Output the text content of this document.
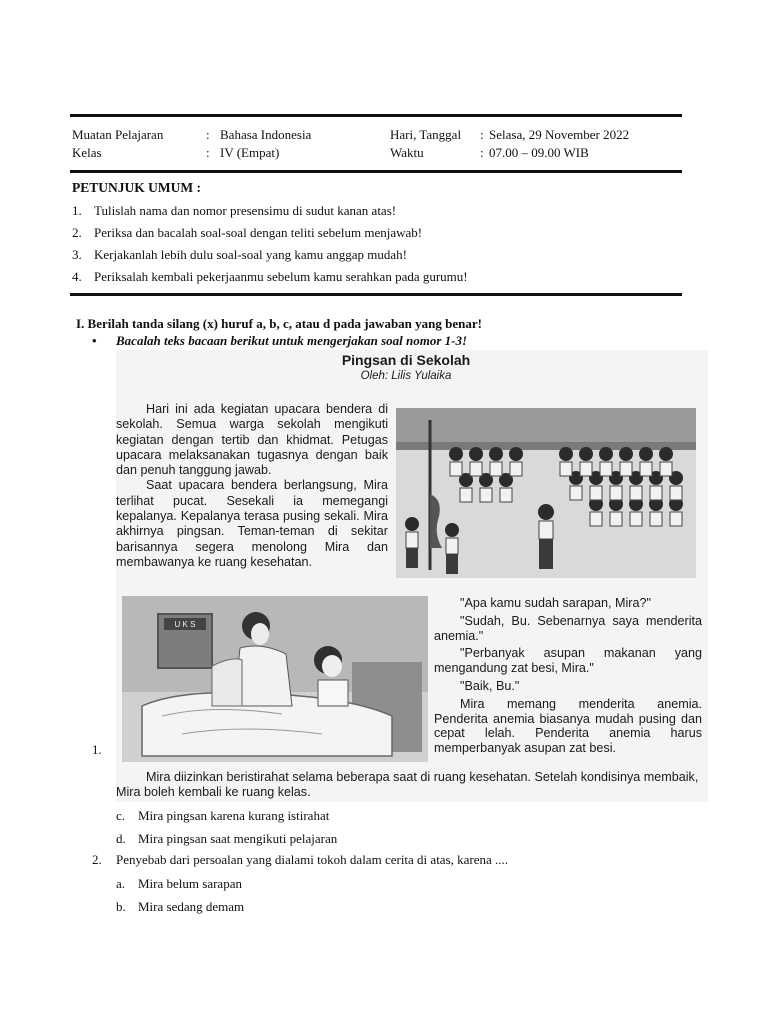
Muatan Pelajaran	: Bahasa Indonesia
Kelas	: IV (Empat)
Hari, Tanggal : Selasa, 29 November 2022
Waktu	: 07.00 – 09.00 WIB
PETUNJUK UMUM :
1. Tulislah nama dan nomor presensimu di sudut kanan atas!
2. Periksa dan bacalah soal-soal dengan teliti sebelum menjawab!
3. Kerjakanlah lebih dulu soal-soal yang kamu anggap mudah!
4. Periksalah kembali pekerjaanmu sebelum kamu serahkan pada gurumu!
I. Berilah tanda silang (x) huruf a, b, c, atau d pada jawaban yang benar!
• Bacalah teks bacaan berikut untuk mengerjakan soal nomor 1-3!
Pingsan di Sekolah
Oleh: Lilis Yulaika

Hari ini ada kegiatan upacara bendera di sekolah. Semua warga sekolah mengikuti kegiatan dengan tertib dan khidmat. Petugas upacara melaksanakan tugasnya dengan baik dan penuh tanggung jawab.

Saat upacara bendera berlangsung, Mira terlihat pucat. Sesekali ia memegangi kepalanya. Kepalanya terasa pusing sekali. Mira akhirnya pingsan. Teman-teman di sekitar barisannya segera menolong Mira dan membawanya ke ruang kesehatan.

U K S

"Apa kamu sudah sarapan, Mira?"

"Sudah, Bu. Sebenarnya saya menderita anemia."

"Perbanyak asupan makanan yang mengandung zat besi, Mira."

"Baik, Bu."

Mira memang menderita anemia. Penderita anemia biasanya mudah pusing dan cepat lelah. Penderita anemia harus memperbanyak asupan zat besi.

Mira diizinkan beristirahat selama beberapa saat di ruang kesehatan. Setelah kondisinya membaik, Mira boleh kembali ke ruang kelas.

1.
c. Mira pingsan karena kurang istirahat
d. Mira pingsan saat mengikuti pelajaran
2. Penyebab dari persoalan yang dialami tokoh dalam cerita di atas, karena ....
a. Mira belum sarapan
b. Mira sedang demam
